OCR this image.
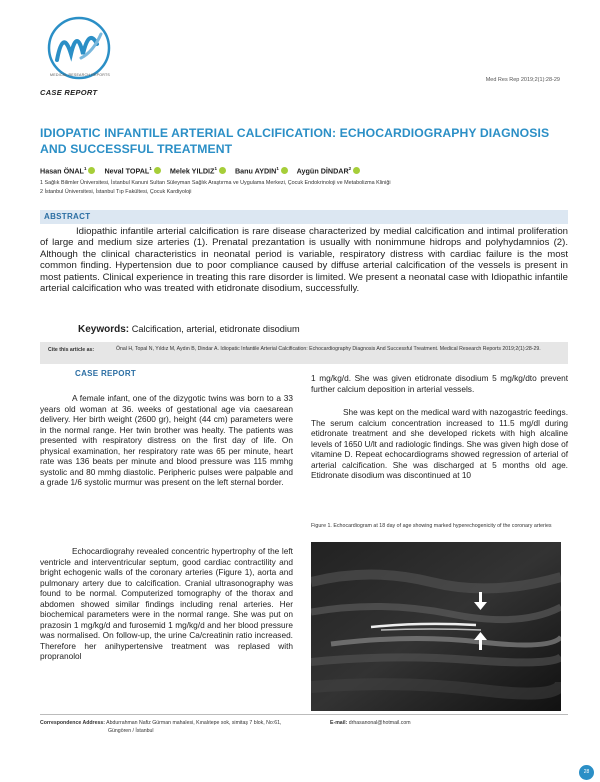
MEDICAL RESEARCH REPORTS
CASE REPORT
Med Res Rep 2019;2(1):28-29
IDIOPATIC INFANTILE ARTERIAL CALCIFICATION: ECHOCARDIOGRAPHY DIAGNOSIS AND SUCCESSFUL TREATMENT
Hasan ÖNAL$^1$	Neval TOPAL$^1$	Melek YILDIZ$^1$	Banu AYDIN$^1$ Aygün DİNDAR$^2$
1 Sağlık Bilimler Üniversitesi, İstanbul Kanuni Sultan Süleyman Sağlık Araştırma ve Uygulama Merkezi, Çocuk Endokrinoloji ve Metabolizma Kliniği
2 İstanbul Üniversitesi, İstanbul Tıp Fakültesi, Çocuk Kardiyoloji
ABSTRACT
Idiopathic infantile arterial calcification is rare disease characterized by medial calcification and intimal proliferation of large and medium size arteries (1). Prenatal prezantation is usually with nonimmune hidrops and polyhydamnios (2). Although the clinical characteristics in neonatal period is variable, respiratory distress with cardiac failure is the most common finding. Hypertension due to poor compliance caused by diffuse arterial calcification of the vessels is present in most patients. Clinical experience in treating this rare disorder is limited. We present a neonatal case with Idiopathic infantile arterial calcification who was treated with etidronate disodium, successfully.
Keywords: Calcification, arterial, etidronate disodium
Cite this article as:	Önal H, Topal N, Yıldız M, Aydın B, Dindar A. Idiopatic Infantile Arterial Calcification: Echocardiography Diagnosis And Successful Treatment. Medical Research Reports 2019;2(1):28-29.
CASE REPORT
A female infant, one of the dizygotic twins was born to a 33 years old woman at 36. weeks of gestational age via caesarean delivery. Her birth weight (2600 gr), height (44 cm) parameters were in the normal range. Her twin brother was healty. The patients was presented with respiratory distress on the first day of life. On physical examination, her respiratory rate was 65 per minute, heart rate was 136 beats per minute and blood pressure was 115 mmhg systolic and 80 mmhg diastolic. Peripheric pulses were palpable and a grade 1/6 systolic murmur was present on the left sternal border.
Echocardiograhy revealed concentric hypertrophy of the left ventricle and interventricular septum, good cardiac contractility and bright echogenic walls of the coronary arteries (Figure 1), aorta and pulmonary artery due to calcification. Cranial ultrasonography was found to be normal. Computerized tomography of the thorax and abdomen showed similar findings including renal arteries. Her biochemical parameters were in the normal range. She was put on prazosin 1 mg/kg/d and furosemid 1 mg/kg/d and her blood pressure was normalised. On follow-up, the urine Ca/creatinin ratio increased. Therefore her anihypertensive treatment was replased with propranolol
1 mg/kg/d. She was given etidronate disodium 5 mg/kg/dto prevent further calcium deposition in arterial vessels.
She was kept on the medical ward with nazogastric feedings. The serum calcium concentration increased to 11.5 mg/dl during etidronate treatment and she developed rickets with high alcaline levels of 1650 U/lt and radiologic findings. She was given high dose of vitamine D. Repeat echocardiograms showed regression of arterial of arterial calcification. She was discharged at 5 months old age. Etidronate disodium was discontinued at 10
Figure 1. Echocardiogram at 18 day of age showing marked hyperechogenicity of the coronary arteries
Correspondence Address: Abdurrahman Nafiz Gürman mahalesi, Kınalıtepe sok, simitaş 7 blok, No:61,
Güngören / İstanbul
E-mail: drhasanonal@hotmail.com
28
